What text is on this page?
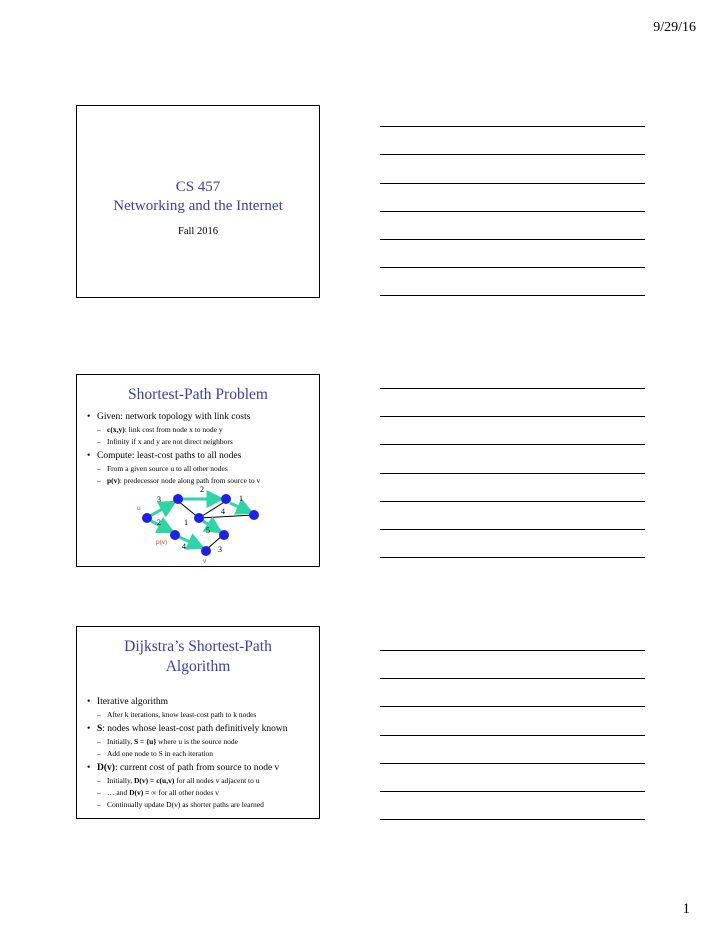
9/29/16
CS 457
Networking and the Internet
Fall 2016
Shortest-Path Problem
• Given: network topology with link costs
– c(x,y): link cost from node x to node y
– Infinity if x and y are not direct neighbors
• Compute: least-cost paths to all nodes
– From a given source u to all other nodes
– p(v): predecessor node along path from source to v
2
3	1
4
2	1
5
4	3
u
p(v)
v
Dijkstra’s Shortest-Path
Algorithm
• Iterative algorithm
– After k iterations, know least-cost path to k nodes
• S: nodes whose least-cost path definitively known
– Initially, S = {u} where u is the source node
– Add one node to S in each iteration
• D(v): current cost of path from source to node v
– Initially, D(v) = c(u,v) for all nodes v adjacent to u
– … and D(v) = ∞ for all other nodes v
– Continually update D(v) as shorter paths are learned
1
